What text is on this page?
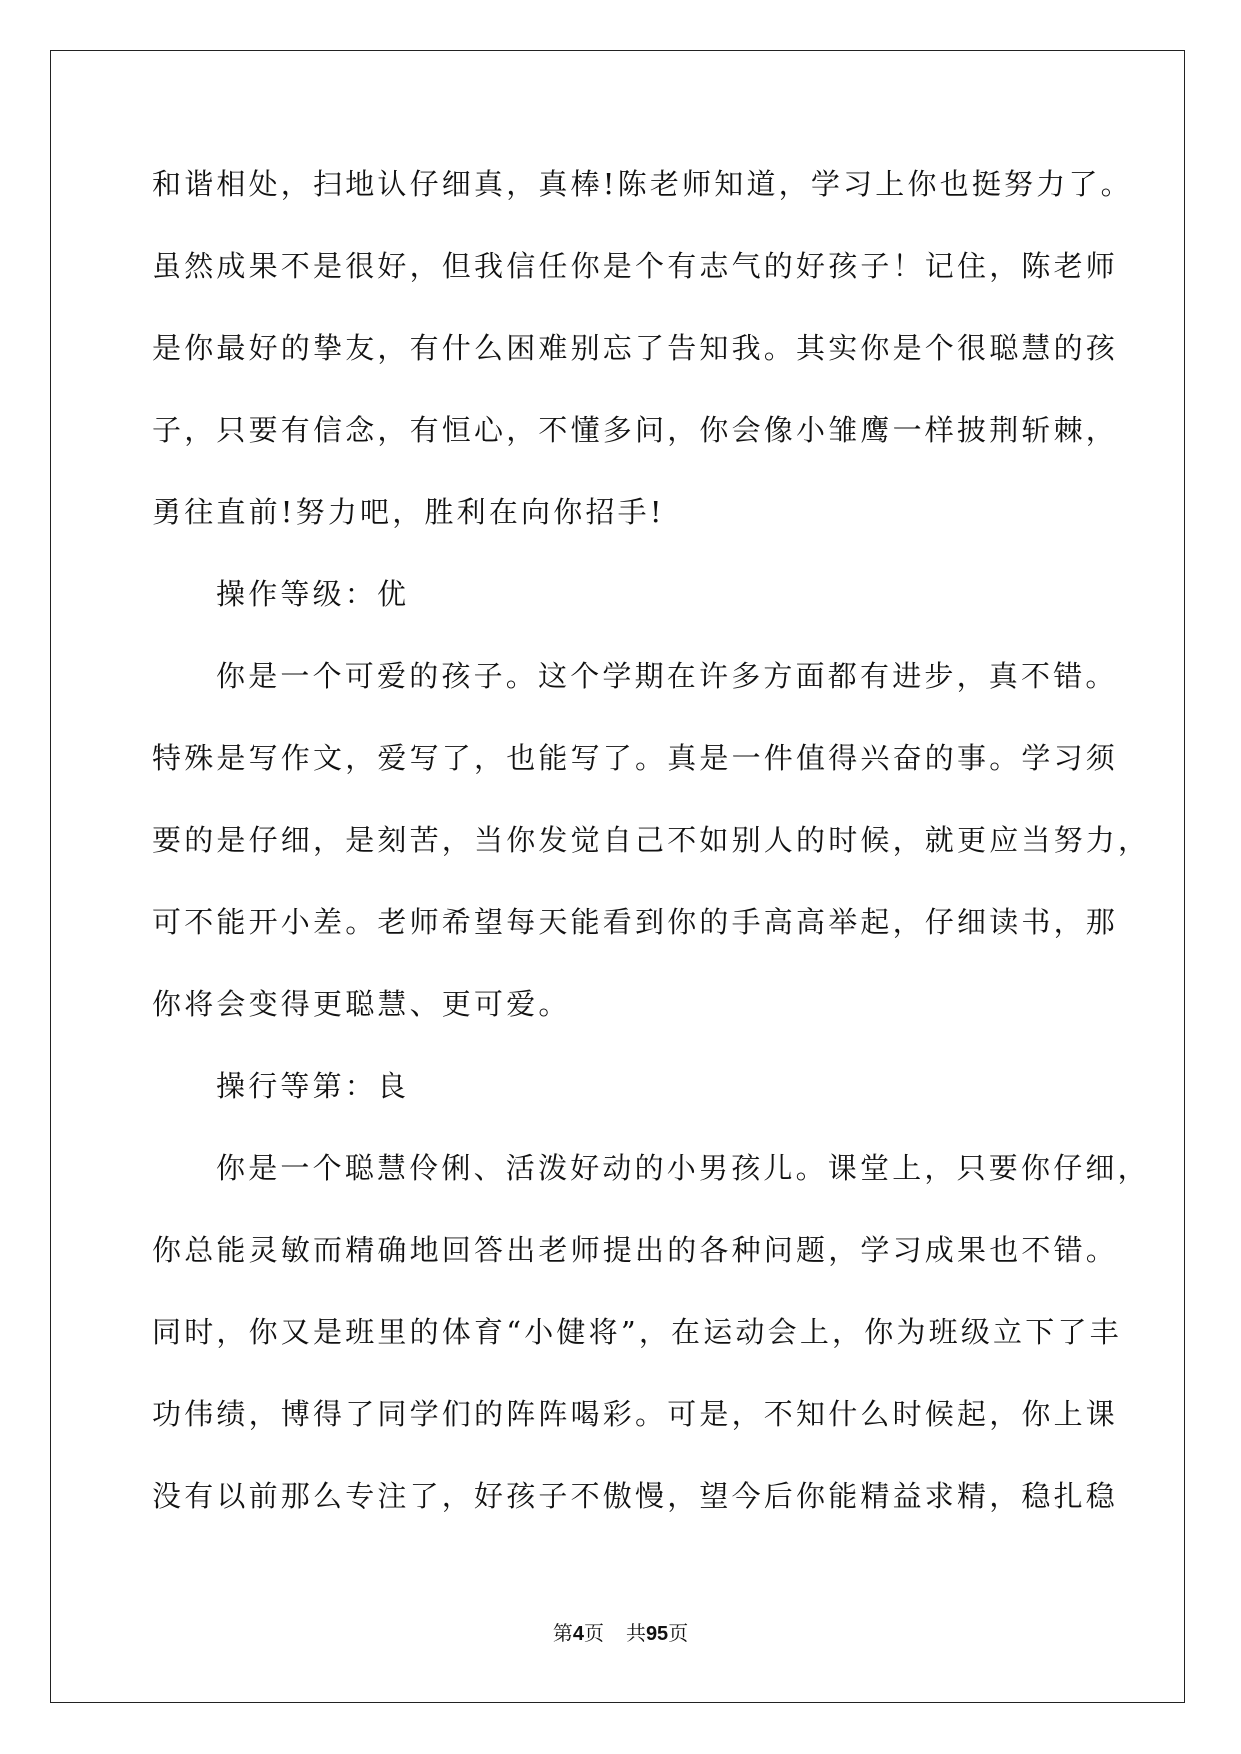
和谐相处，扫地认仔细真，真棒!陈老师知道，学习上你也挺努力了。
虽然成果不是很好，但我信任你是个有志气的好孩子！记住，陈老师
是你最好的挚友，有什么困难别忘了告知我。其实你是个很聪慧的孩
子，只要有信念，有恒心，不懂多问，你会像小雏鹰一样披荆斩棘，
勇往直前!努力吧，胜利在向你招手!
操作等级：优
你是一个可爱的孩子。这个学期在许多方面都有进步，真不错。
特殊是写作文，爱写了，也能写了。真是一件值得兴奋的事。学习须
要的是仔细，是刻苦，当你发觉自己不如别人的时候，就更应当努力，
可不能开小差。老师希望每天能看到你的手高高举起，仔细读书，那
你将会变得更聪慧、更可爱。
操行等第：良
你是一个聪慧伶俐、活泼好动的小男孩儿。课堂上，只要你仔细，
你总能灵敏而精确地回答出老师提出的各种问题，学习成果也不错。
同时，你又是班里的体育“小健将”，在运动会上，你为班级立下了丰
功伟绩，博得了同学们的阵阵喝彩。可是，不知什么时候起，你上课
没有以前那么专注了，好孩子不傲慢，望今后你能精益求精，稳扎稳
第4页 共95页
